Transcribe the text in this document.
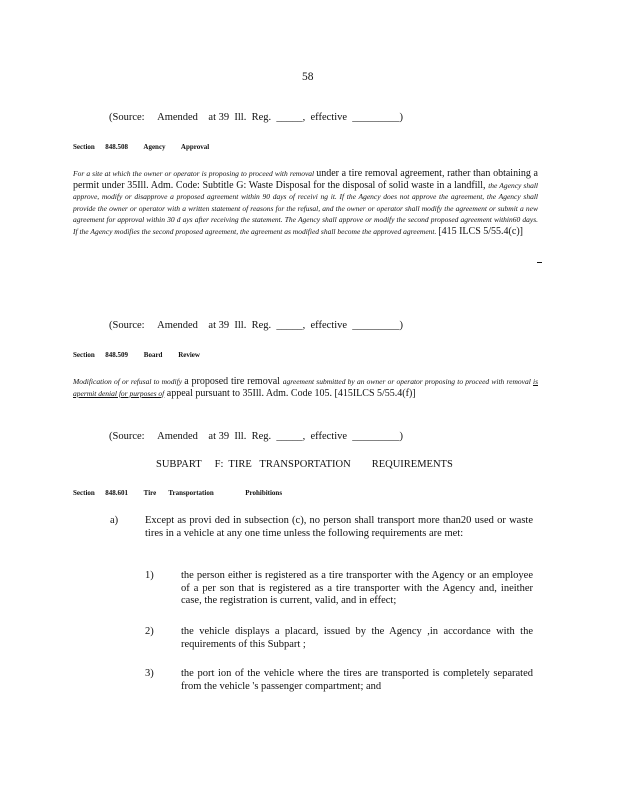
58
(Source:     Amended    at 39  Ill.  Reg.  _____,  effective  _________)
Section      848.508         Agency         Approval
For a site at which the owner or operator is proposing to proceed with removal under a tire removal agreement, rather than obtaining a permit under 35Ill. Adm. Code: Subtitle G: Waste Disposal for the disposal of solid waste in a landfill, the Agency shall approve, modify or disapprove a proposed agreement within 90 days of receivi ng it. If the Agency does not approve the agreement, the Agency shall provide the owner or operator with a written statement of reasons for the refusal, and the owner or operator shall modify the agreement or submit a new agreement for approval within 30 d ays after receiving the statement. The Agency shall approve or modify the second proposed agreement within60 days. If the Agency modifies the second proposed agreement, the agreement as modified shall become the approved agreement. [415 ILCS 5/55.4(c)]
(Source:     Amended    at 39  Ill.  Reg.  _____,  effective  _________)
Section      848.509         Board         Review
Modification of or refusal to modify a proposed tire removal agreement submitted by an owner or operator proposing to proceed with removal is apermit denial for purposes of appeal pursuant to 35Ill. Adm. Code 105. [415ILCS 5/55.4(f)]
(Source:     Amended    at 39  Ill.  Reg.  _____,  effective  _________)
SUBPART     F:  TIRE   TRANSPORTATION        REQUIREMENTS
Section      848.601         Tire       Transportation                  Prohibitions
a)	Except as provi ded in subsection (c), no person shall transport more than20 used or waste tires in a vehicle at any one time unless the following requirements are met:
1)	the person either is registered as a tire transporter with the Agency or an employee of a per son that is registered as a tire transporter with the Agency and, ineither case, the registration is current, valid, and in effect;
2)	the vehicle displays a placard, issued by the Agency ,in accordance with the requirements of this Subpart ;
3)	the port ion of the vehicle where the tires are transported is completely separated from the vehicle 's passenger compartment; and
